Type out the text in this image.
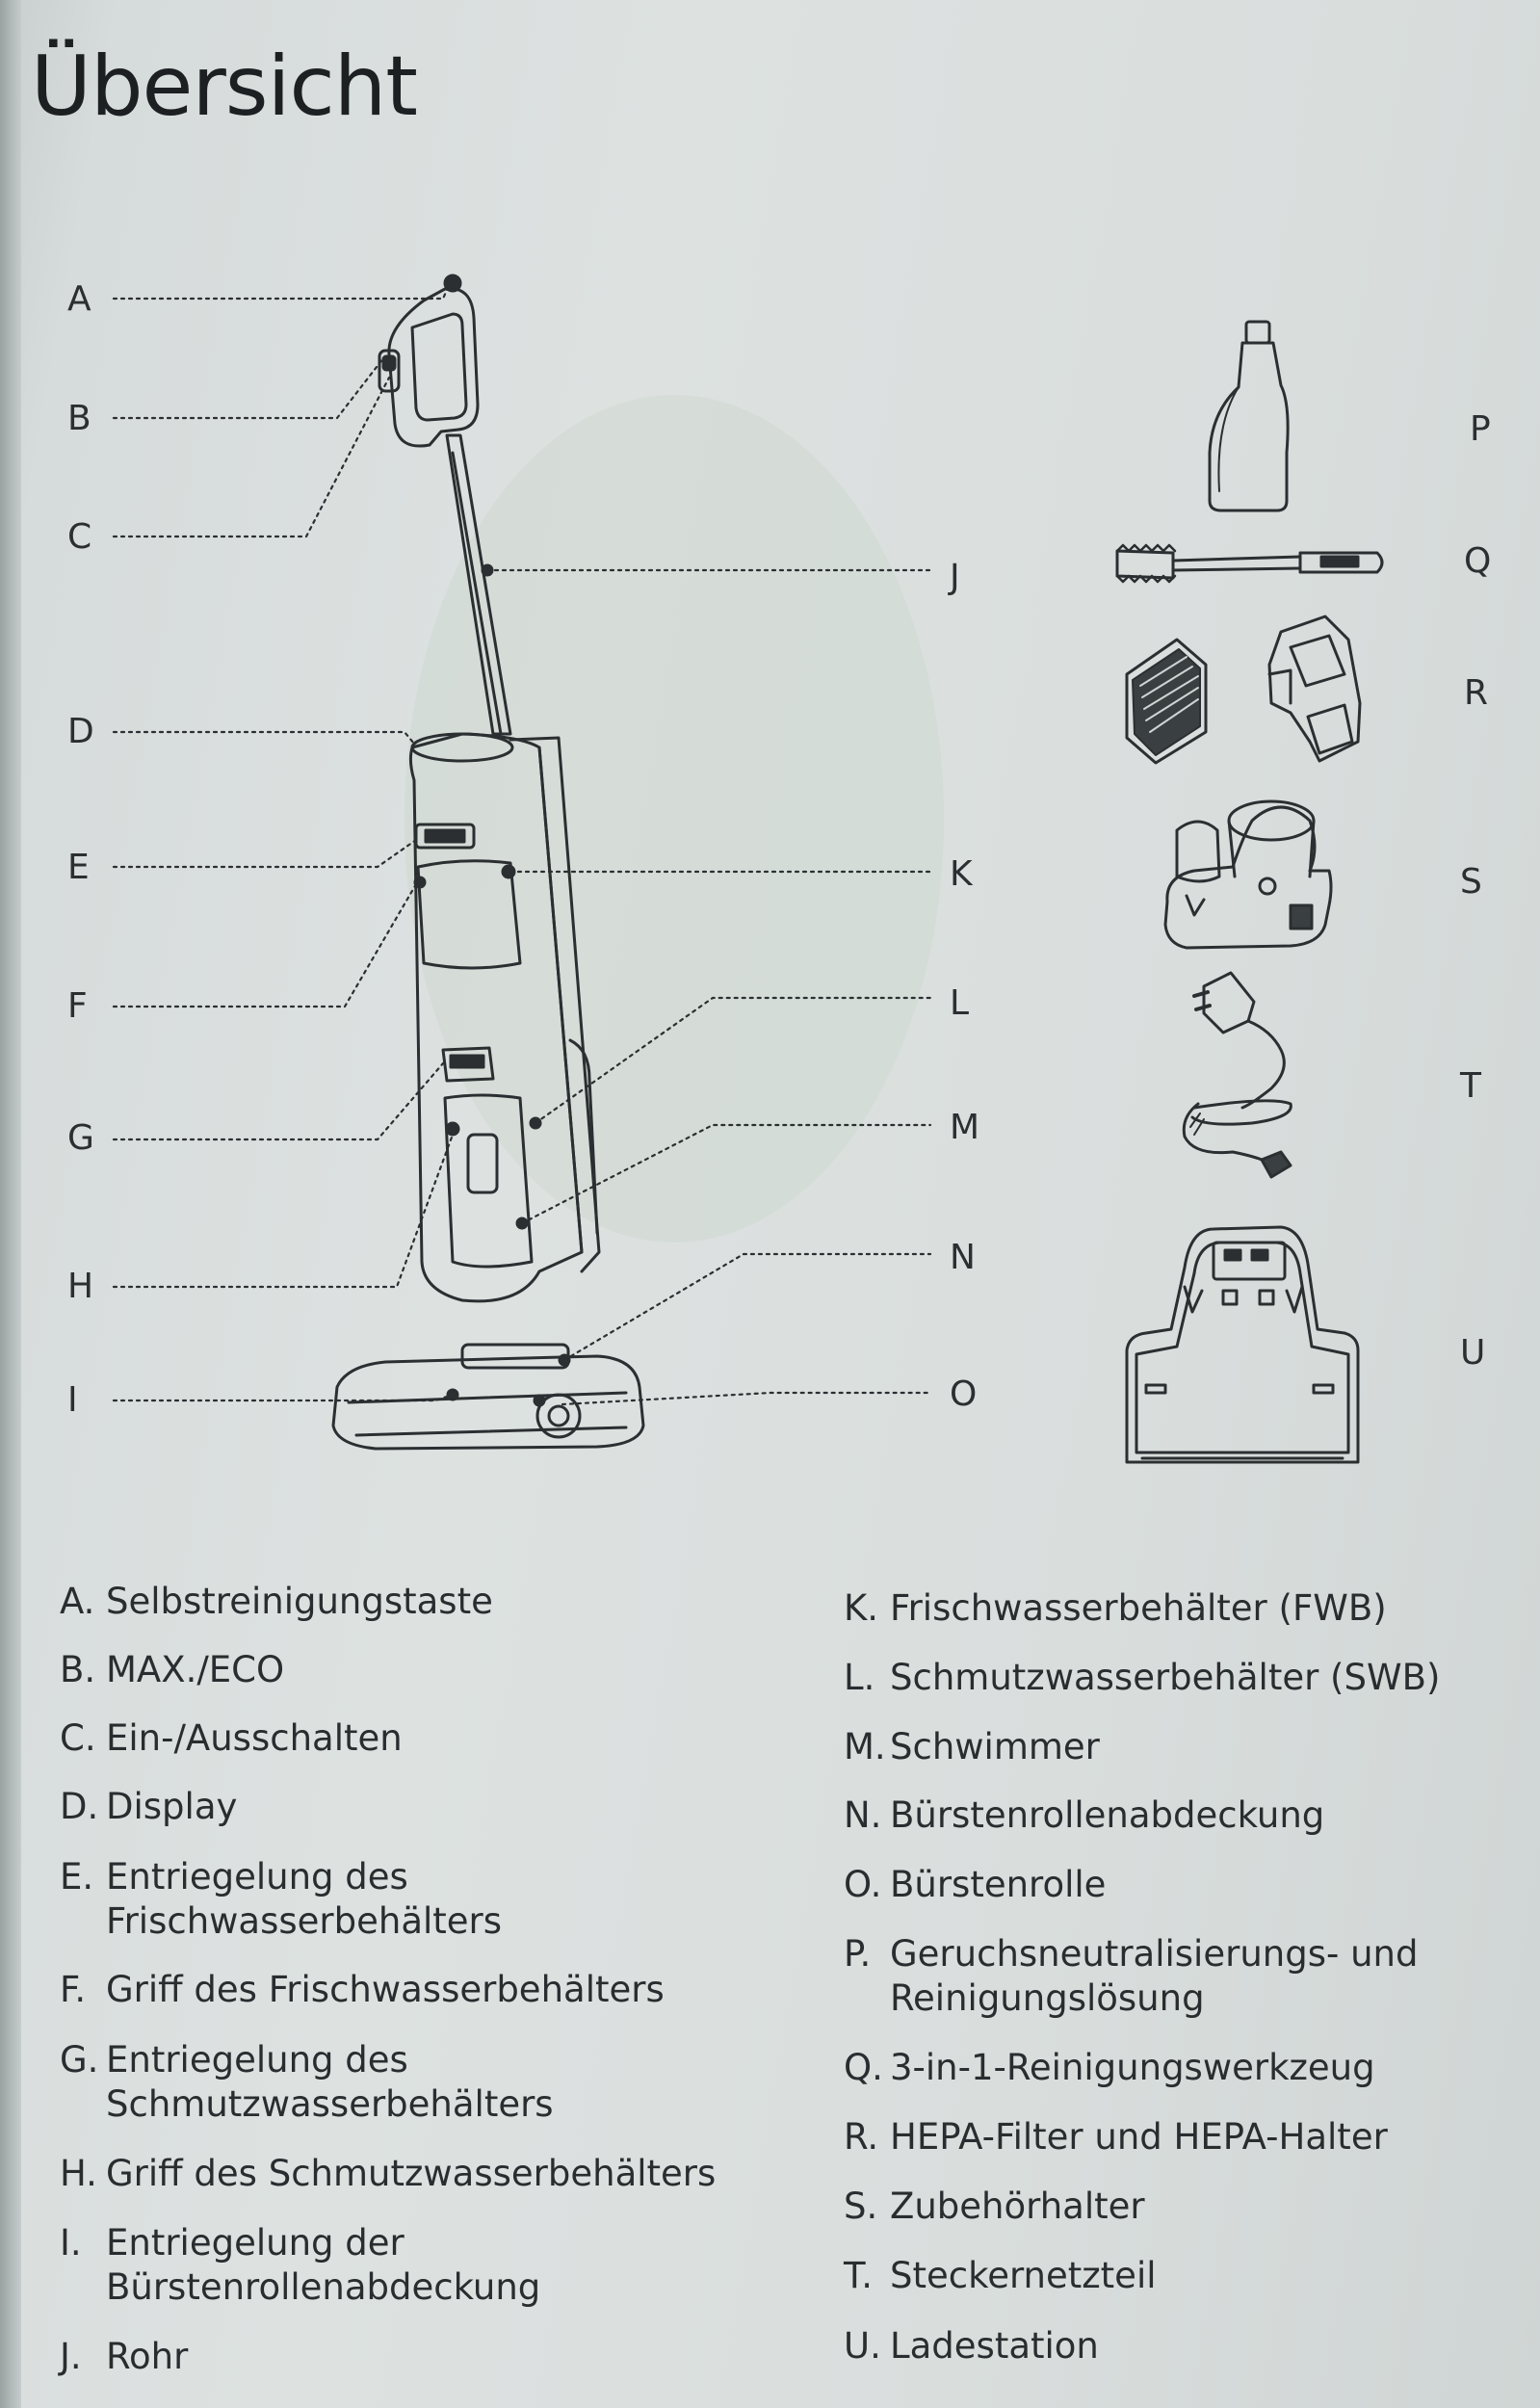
Übersicht
A
B
C
D
E
F
G
H
I
J
K
L
M
N
O
P
Q
R
S
T
U
A. Selbstreinigungstaste
B. MAX./ECO
C. Ein-/Ausschalten
D. Display
E. Entriegelung des Frischwasserbehälters
F. Griff des Frischwasserbehälters
G. Entriegelung des Schmutzwasserbehälters
H. Griff des Schmutzwasserbehälters
I. Entriegelung der Bürstenrollenabdeckung
J. Rohr
K. Frischwasserbehälter (FWB)
L. Schmutzwasserbehälter (SWB)
M. Schwimmer
N. Bürstenrollenabdeckung
O. Bürstenrolle
P. Geruchsneutralisierungs- und Reinigungslösung
Q. 3-in-1-Reinigungswerkzeug
R. HEPA-Filter und HEPA-Halter
S. Zubehörhalter
T. Steckernetzteil
U. Ladestation
